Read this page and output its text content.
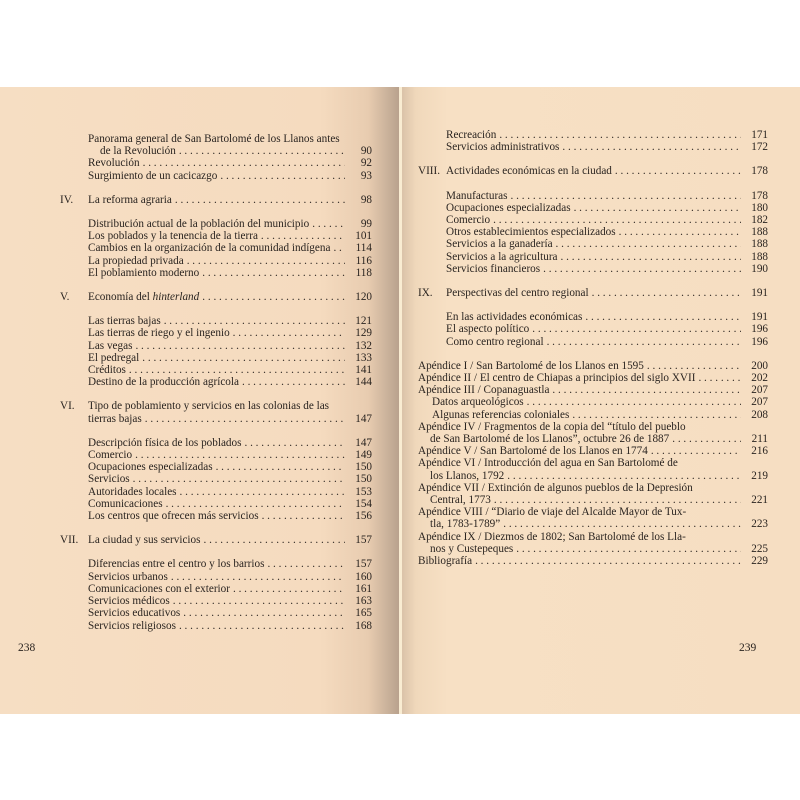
Panorama general de San Bartolomé de los Llanos antes
de la Revolución . . .	90
Revolución . . .	92
Surgimiento de un cacicazgo . . .	93
IV.	La reforma agraria . . .	98
Distribución actual de la población del municipio . . .	99
Los poblados y la tenencia de la tierra . . .	101
Cambios en la organización de la comunidad indígena . . .	114
La propiedad privada . . .	116
El poblamiento moderno . . .	118
V.	Economía del
hinterland . . .	120
Las tierras bajas . . .	121
Las tierras de riego y el ingenio . . .	129
Las vegas . . .	132
El pedregal . . .	133
Créditos . . .	141
Destino de la producción agrícola . . .	144
VI.	Tipo de poblamiento y servicios en las colonias de las
tierras bajas . . .	147
Descripción física de los poblados . . .	147
Comercio . . .	149
Ocupaciones especializadas . . .	150
Servicios . . .	150
Autoridades locales . . .	153
Comunicaciones . . .	154
Los centros que ofrecen más servicios . . .	156
VII. La ciudad y sus servicios . . .	157
Diferencias entre el centro y los barrios . . .	157
Servicios urbanos . . .	160
Comunicaciones con el exterior . . .	161
Servicios médicos . . .	163
Servicios educativos . . .	165
Servicios religiosos . . .	168
238
Recreación . . .	171
Servicios administrativos . . .	172
VIII. Actividades económicas en la ciudad . . .	178
Manufacturas . . .	178
Ocupaciones especializadas . . .	180
Comercio . . .	182
Otros establecimientos especializados . . .	188
Servicios a la ganadería . . .	188
Servicios a la agricultura . . .	188
Servicios financieros . . .	190
IX.	Perspectivas del centro regional . . .	191
En las actividades económicas . . .	191
El aspecto político . . .	196
Como centro regional . . .	196
Apéndice I / San Bartolomé de los Llanos en 1595 . . .	200
Apéndice II / El centro de Chiapas a principios del siglo XVII . . .	202
Apéndice III / Copanaguastla . . .	207
Datos arqueológicos . . .	207
Algunas referencias coloniales . . .	208
Apéndice IV / Fragmentos de la copia del “título del pueblo
de San Bartolomé de los Llanos”, octubre 26 de 1887 . . .	211
Apéndice V / San Bartolomé de los Llanos en 1774 . . .	216
Apéndice VI / Introducción del agua en San Bartolomé de
los Llanos, 1792 . . .	219
Apéndice VII / Extinción de algunos pueblos de la Depresión
Central, 1773 . . .	221
Apéndice VIII / “Diario de viaje del Alcalde Mayor de Tux-
tla, 1783-1789” . . .	223
Apéndice IX / Diezmos de 1802; San Bartolomé de los Lla-
nos y Custepeques . . .	225
Bibliografía . . .	229
239
